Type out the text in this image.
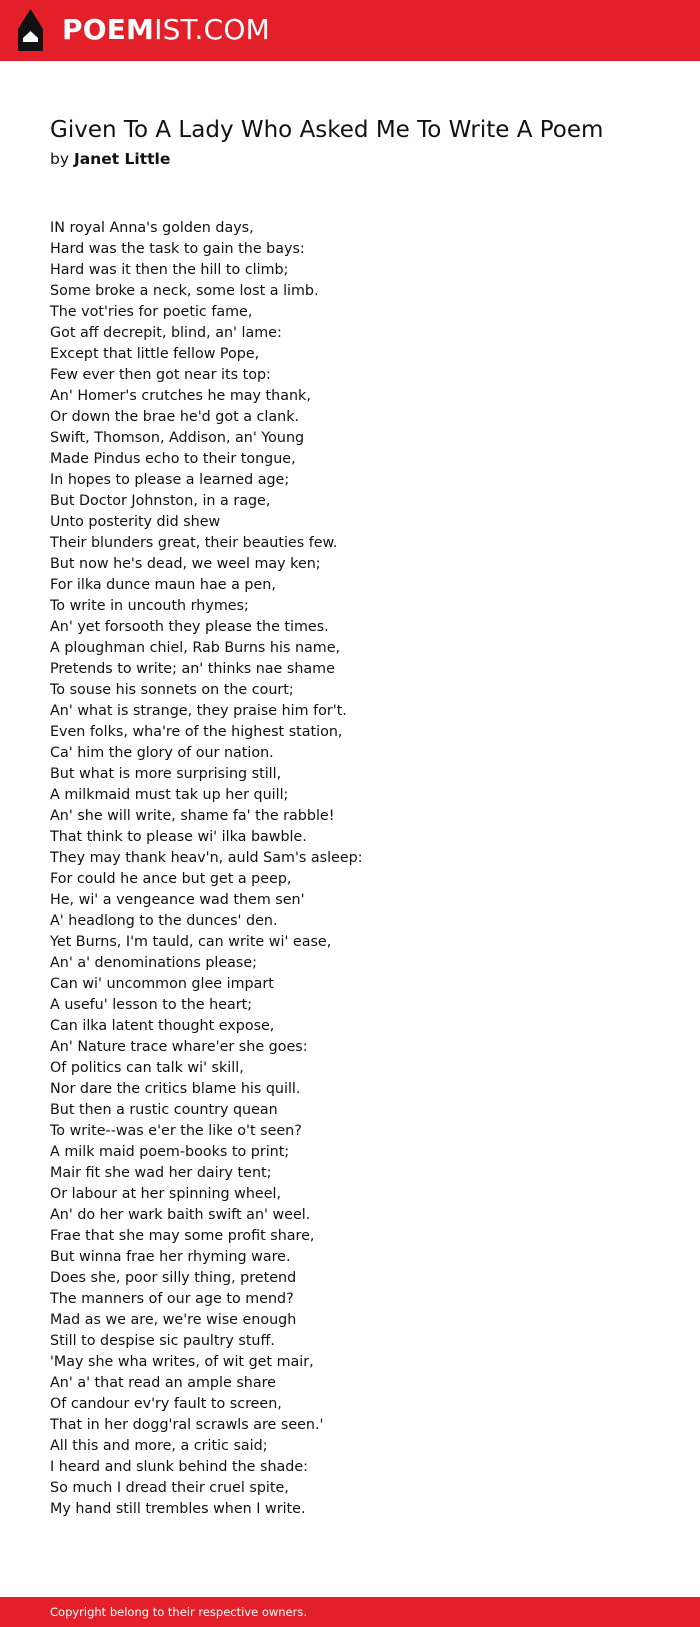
POEMIST.COM
Given To A Lady Who Asked Me To Write A Poem
by Janet Little
IN royal Anna's golden days,
Hard was the task to gain the bays:
Hard was it then the hill to climb;
Some broke a neck, some lost a limb.
The vot'ries for poetic fame,
Got aff decrepit, blind, an' lame:
Except that little fellow Pope,
Few ever then got near its top:
An' Homer's crutches he may thank,
Or down the brae he'd got a clank.
Swift, Thomson, Addison, an' Young
Made Pindus echo to their tongue,
In hopes to please a learned age;
But Doctor Johnston, in a rage,
Unto posterity did shew
Their blunders great, their beauties few.
But now he's dead, we weel may ken;
For ilka dunce maun hae a pen,
To write in uncouth rhymes;
An' yet forsooth they please the times.
A ploughman chiel, Rab Burns his name,
Pretends to write; an' thinks nae shame
To souse his sonnets on the court;
An' what is strange, they praise him for't.
Even folks, wha're of the highest station,
Ca' him the glory of our nation.
But what is more surprising still,
A milkmaid must tak up her quill;
An' she will write, shame fa' the rabble!
That think to please wi' ilka bawble.
They may thank heav'n, auld Sam's asleep:
For could he ance but get a peep,
He, wi' a vengeance wad them sen'
A' headlong to the dunces' den.
Yet Burns, I'm tauld, can write wi' ease,
An' a' denominations please;
Can wi' uncommon glee impart
A usefu' lesson to the heart;
Can ilka latent thought expose,
An' Nature trace whare'er she goes:
Of politics can talk wi' skill,
Nor dare the critics blame his quill.
But then a rustic country quean
To write--was e'er the like o't seen?
A milk maid poem-books to print;
Mair fit she wad her dairy tent;
Or labour at her spinning wheel,
An' do her wark baith swift an' weel.
Frae that she may some profit share,
But winna frae her rhyming ware.
Does she, poor silly thing, pretend
The manners of our age to mend?
Mad as we are, we're wise enough
Still to despise sic paultry stuff.
'May she wha writes, of wit get mair,
An' a' that read an ample share
Of candour ev'ry fault to screen,
That in her dogg'ral scrawls are seen.'
All this and more, a critic said;
I heard and slunk behind the shade:
So much I dread their cruel spite,
My hand still trembles when I write.
Copyright belong to their respective owners.
